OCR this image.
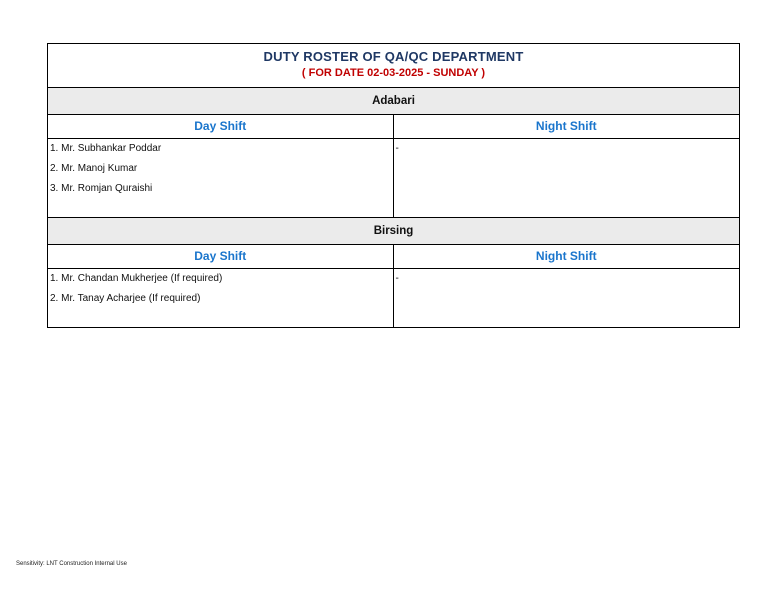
DUTY ROSTER OF QA/QC DEPARTMENT
( FOR DATE 02-03-2025 - SUNDAY )
Adabari
Day Shift	Night Shift
1. Mr. Subhankar Poddar
2. Mr. Manoj Kumar
3. Mr. Romjan Quraishi
-
Birsing
Day Shift	Night Shift
1. Mr. Chandan Mukherjee (If required)
2. Mr. Tanay Acharjee (If required)
-
Sensitivity: LNT Construction Internal Use
